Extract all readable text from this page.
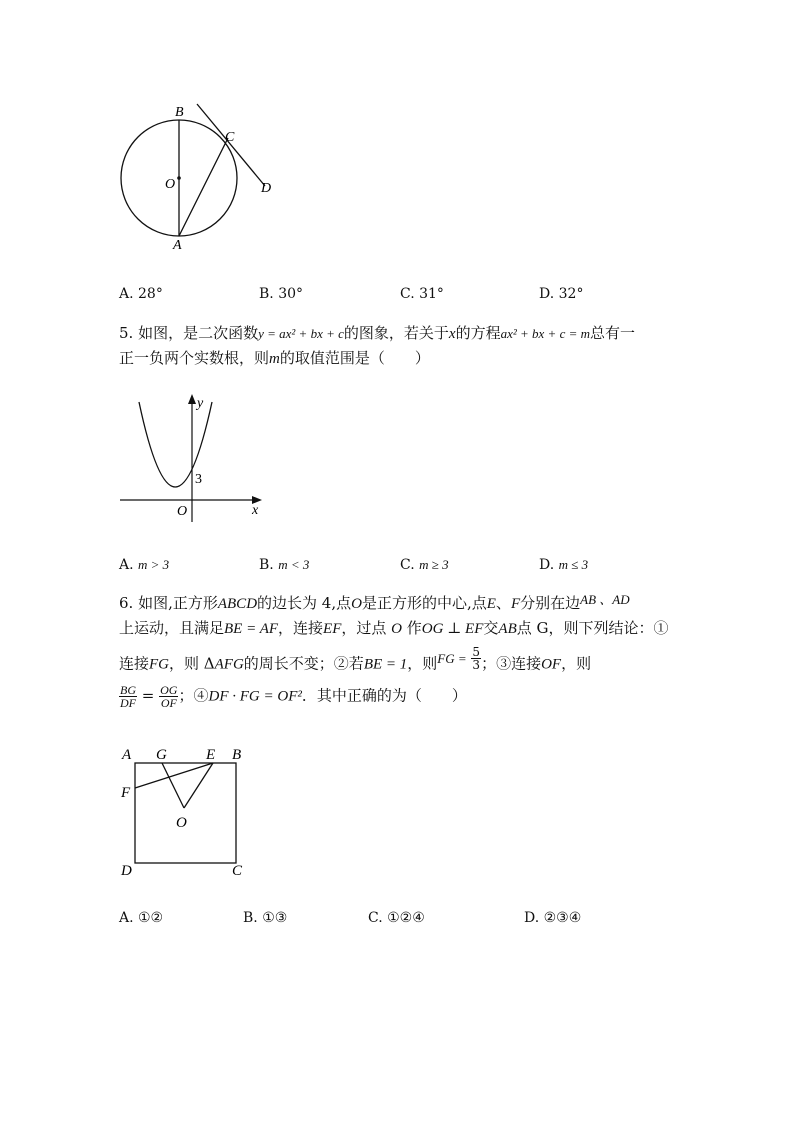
B
C
O	D
A
A. 28°	B. 30°	C. 31°	D. 32°
5. 如图，是二次函数y = ax² + bx + c的图象，若关于x的方程ax² + bx + c = m总有一
正一负两个实数根，则m的取值范围是（　　）
y
3
O	x
A. m > 3	B. m < 3	C. m ≥ 3	D. m ≤ 3
6. 如图,正方形ABCD的边长为 4,点O是正方形的中心,点E、F分别在边AB 、AD
上运动，且满足BE = AF，连接EF，过点 O 作OG ⊥ EF交AB点 G，则下列结论：①
连接FG，则 ΔAFG的周长不变；②若BE = 1，则FG = $\frac{5}{3}$ ；③连接OF，则
$\frac{BG}{DF} = \frac{OG}{OF}$ ；④DF · FG = OF²．其中正确的为（　　）
A G	E B
F
O
D	C
A. ①②	B. ①③	C. ①②④	D. ②③④
